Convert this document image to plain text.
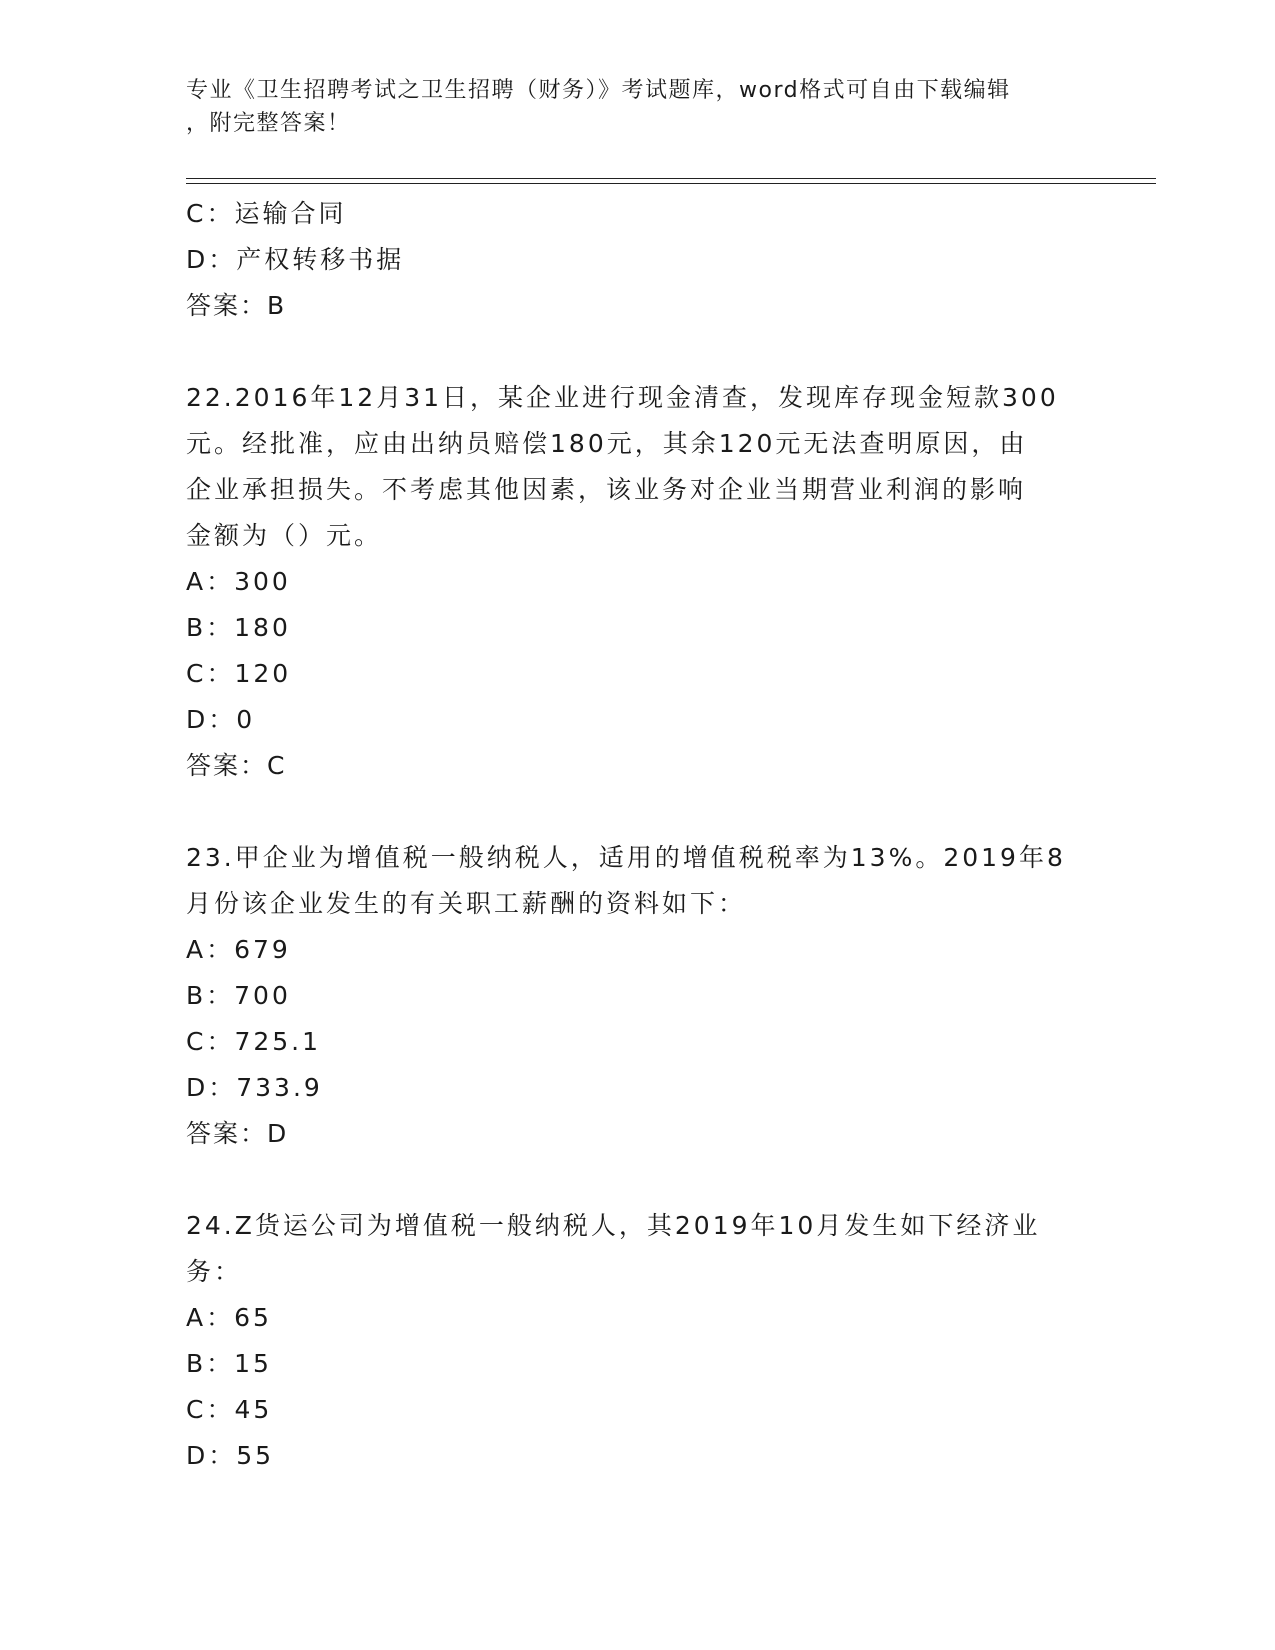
专业《卫生招聘考试之卫生招聘（财务）》考试题库，word格式可自由下载编辑
，附完整答案！

C：运输合同

D：产权转移书据

答案：B

22.2016年12月31日，某企业进行现金清查，发现库存现金短款300

元。经批准，应由出纳员赔偿180元，其余120元无法查明原因，由

企业承担损失。不考虑其他因素，该业务对企业当期营业利润的影响

金额为（）元。

A：300

B：180

C：120

D：0

答案：C

23.甲企业为增值税一般纳税人，适用的增值税税率为13%。2019年8

月份该企业发生的有关职工薪酬的资料如下：

A：679

B：700

C：725.1

D：733.9

答案：D

24.Z货运公司为增值税一般纳税人，其2019年10月发生如下经济业

务：

A：65

B：15

C：45

D：55
